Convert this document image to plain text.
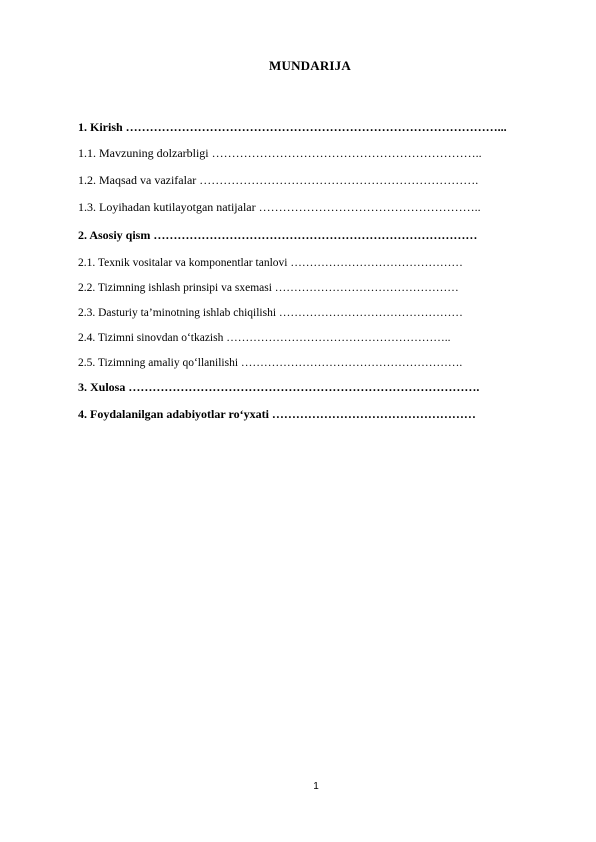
MUNDARIJA
1. Kirish …………………………………………………………………………………...
1.1. Mavzuning dolzarbligi …………………………………………………………..
1.2. Maqsad va vazifalar …………………………………………………………….
1.3. Loyihadan kutilayotgan natijalar ………………………………………………..
2. Asosiy qism ………………………………………………………………………
2.1. Texnik vositalar va komponentlar tanlovi ………………………………………
2.2. Tizimning ishlash prinsipi va sxemasi …………………………………………
2.3. Dasturiy ta’minotning ishlab chiqilishi …………………………………………
2.4. Tizimni sinovdan o‘tkazish …………………………………………………..
2.5. Tizimning amaliy qo‘llanilishi ………………………………………………….
3. Xulosa …………………………………………………………………………….
4. Foydalanilgan adabiyotlar ro‘yxati ……………………………………………
1
